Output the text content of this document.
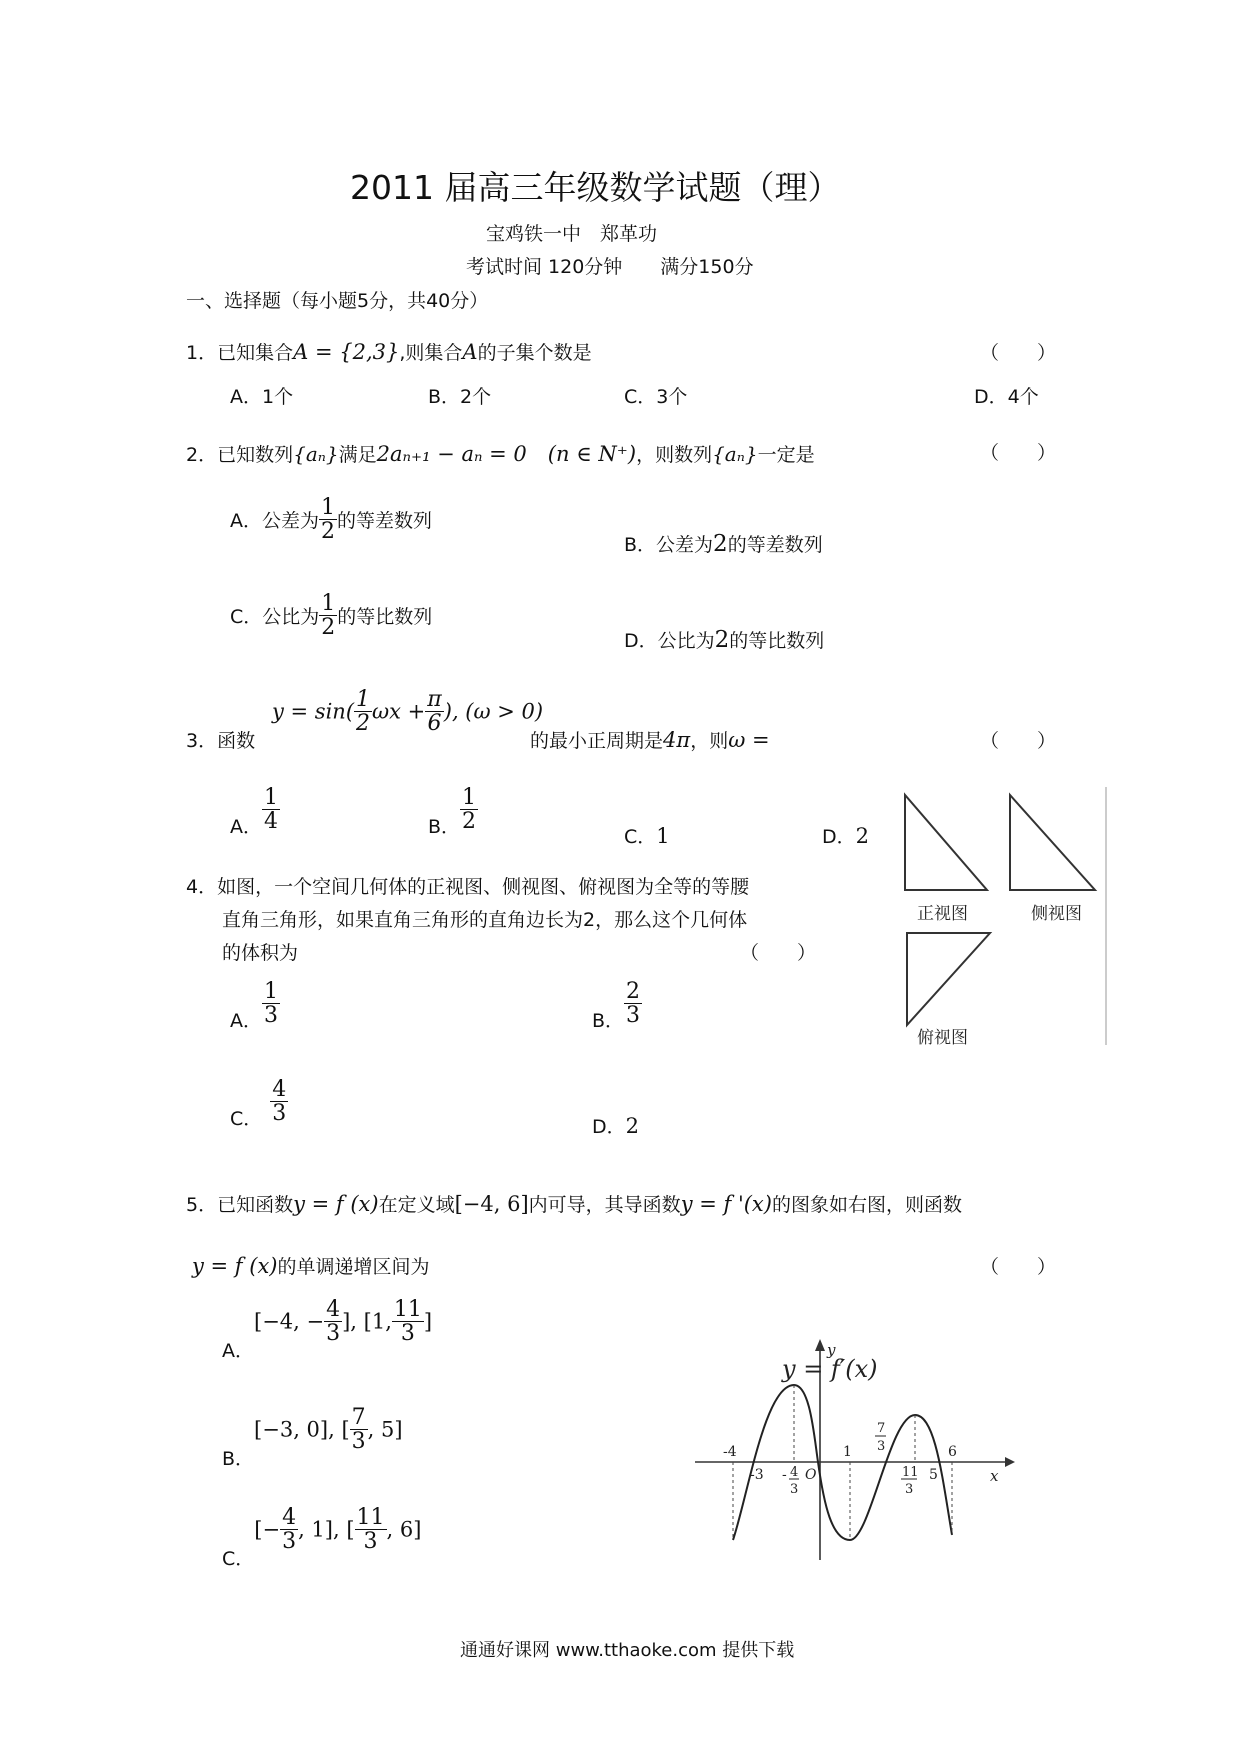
2011 届高三年级数学试题（理）
宝鸡铁一中　郑革功
考试时间 120分钟　　满分150分
一、选择题（每小题5分，共40分）
1．已知集合A = {2,3},则集合A的子集个数是	（　　）
A．1个	B．2个	C．3个	D．4个
2．已知数列{aₙ}满足2aₙ₊₁ − aₙ = 0　(n ∈ N⁺)，则数列{aₙ}一定是	（　　）
A．公差为 $\frac{1}{2}$ 的等差数列
B．公差为2的等差数列
C．公比为 $\frac{1}{2}$ 的等比数列
D．公比为2的等比数列
3．函数
$y = \sin( \frac{1}{2}$ $\omega x + \frac{\pi}{6}$ ), (ω > 0)
的最小正周期是4π，则ω =	（　　）
A． $\frac{1}{4}$	B． $\frac{1}{2}$
C．1	D．2
4．如图，一个空间几何体的正视图、侧视图、俯视图为全等的等腰
直角三角形，如果直角三角形的直角边长为2，那么这个几何体
的体积为	（　　）
A． $\frac{1}{3}$	B． $\frac{2}{3}$
C． $\frac{4}{3}$
D．2
正视图	侧视图
俯视图
5．已知函数y = f (x)在定义域[−4, 6]内可导，其导函数y = f '(x)的图象如右图，则函数
y = f (x)的单调递增区间为	（　　）
A．[−4, − $\frac{4}{3}$ ], [1, $\frac{11}{3}$ ]
B．[−3, 0], [ $\frac{7}{3}$ , 5]
C．[− $\frac{4}{3}$ , 1], [ $\frac{11}{3}$ , 6]
y = f′(x)
y
x
-4
-3 - 4
3
O
1
7
3
11
3
5
6
通通好课网 www.tthaoke.com 提供下载
